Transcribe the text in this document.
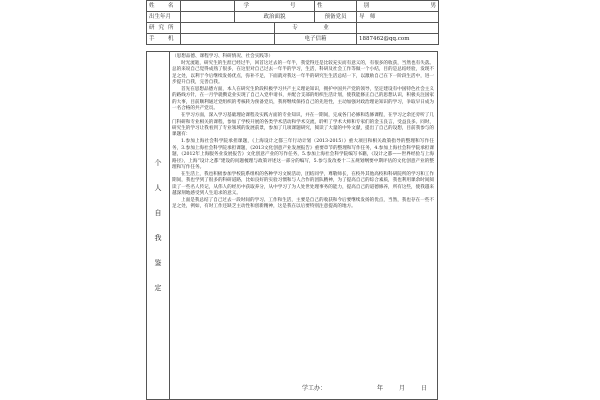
姓　名		学　　号		性　　别	男
出生年月		政治面貌		预备党员	导　师
研究所			专　业		
手　机			电子信箱		1887462@qq.com
个
人
自
我
鉴
定

（思想品德、课程学习、科研情况、社会实践等）

时光流逝，研究生的生涯已经过半，回首这过去的一年半，我觉得还是比较充实而有意义的，有很多的收获，当然也有失落。总的来说自己觉得成熟了很多，在这里对自己过去一年半的学习，生活，科研及社会工作等做一个小结，目的是总结经验，发现不足之处，以利于今后继续发扬优点，弥补不足，下面就对我这一年半的研究生生活总结一下，以激励自己在下一阶段生活中，进一步提升自我，完善自我。

首先在思想品德方面，本人在研究生阶段积极学习共产主义理论知识，拥护中国共产党的领导，坚定建设有中国特色社会主义的路线方针，在一月学就攒竞业实现了自己入党申请书，并配合支部的组织生活计划，使我能修正自己的思想认识，积极关注国家的大事，目前顺利通过党组织的考核转为预备党员，我将继续保持自己的先进性，主动加强对政治理论知识的学习，争取早日成为一名合格的共产党员。

在学习方面，深入学习基础理论课程及实践方面的专业知识，并在一期间，完成各门必修和选修课程，在学习之余还旁听了几门科研和专业相关的课程，参加了学校开展的各类学术活动和学术交流，聆听了学术大师和专家们的金玉良言，受益良多。同时，研究生的学习让我看到了专业领域的发展前景，参加了几项课题研究，阅读了大量的中外文献，提出了自己的设想，目前我参与的课题有：

1.参加上海社会科学院承担课题，《上海设计之都三年行动计划（2013-2015）》重大项目和相关政策指导的整理和写作任务，3.参加上海社会科学院承担课题，《2013文化创意产业发展报告》重要章节的整理和写作任务，4.参加上海社会科学院承担课题，《2012年上海服务业发展报告》文化创意产业的写作任务，5.参加上海社会科学院编写书籍，《设计之都——世界经验与上海路径》，上海“设计之都”建设的问题梳理与政策评述这一部分的编写，5.参与发改委十二五规划纲要中期评估的文化创意产业的整理和写作任务。

在生活上，我也积极参加学校院系组织的各种学习文娱活动，团结同学，尊敬师长，在校外其他高校和科研院所的学习和工作期间，我也学到了很多的科研道路，比如良好的实验习惯和与人合作的团队精神，为了提高自己的综合素质，我也利用课余时间阅读了一些名人传记，从伟人的经历中获取养分，从中学习了为人处世处理事务的能力，提高自己的道德修养，所有这些，使我越来越深刻地感受到人生追求的意义。

上面是我总结了自己过去一段时间的学习、工作和生活，主要是自己的收获和今后要继续发扬的优点，当然，我也存在一些不足之处，例如，有时工作还缺乏主动性和创新精神，这是我在以后要特别注意提高的地方。

学工办：	年	月	日
